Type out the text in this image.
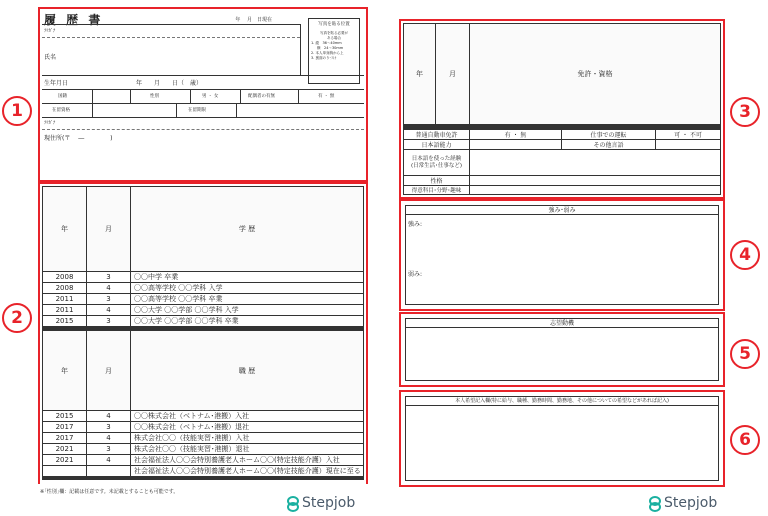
履 歴 書	年　 月　日現在
写真を貼る位置
写真を貼る必要が
ある場合
1. 縦　36～40mm
横　24～30mm
2. 本人単身胸から上
3. 裏面のりづけ
ﾌﾘｶﾞﾅ
氏名
生年月日	年　　月　　日（　歳）
国籍	性別	男 ・ 女	配偶者の有無	有 ・ 無
在留資格	在留期限
ﾌﾘｶﾞﾅ
現住所(〒　 ―　　　　 )
1
年	月	学 歴
2008	3	〇〇中学 卒業
2008	4	〇〇高等学校 〇〇学科 入学
2011	3	〇〇高等学校 〇〇学科 卒業
2011	4	〇〇大学 〇〇学部 〇〇学科 入学
2015	3	〇〇大学 〇〇学部 〇〇学科 卒業

年	月	職 歴
2015	4	〇〇株式会社（ベトナム･港搬）入社
2017	3	〇〇株式会社（ベトナム･港搬）退社
2017	4	株式会社〇〇（技能実習･港搬）入社
2021	3	株式会社〇〇（技能実習･港搬）退社
2021	4	社会福祉法人〇〇会特別養護老人ホーム〇〇(特定技能介護）入社
		社会福祉法人〇〇会特別養護老人ホーム〇〇(特定技能介護）現在に至る

2
※｢性別｣欄：記載は任意です。未記載とすることも可能です。
Stepjob
年	月	免許・資格		

普通自動車免許		有 ・ 無	仕事での運転	可 ・ 不可
日本語能力			その他言語	

日本語を使った経験
(日常生活･仕事など)				

性格				
得意科目･分野･趣味				
3
強み･弱み
強み:
弱み:
4
志望動機
5
本人希望記入欄(特に給与、職種、勤務時間、勤務地、その他についての希望などがあれば記入)
6
Stepjob
